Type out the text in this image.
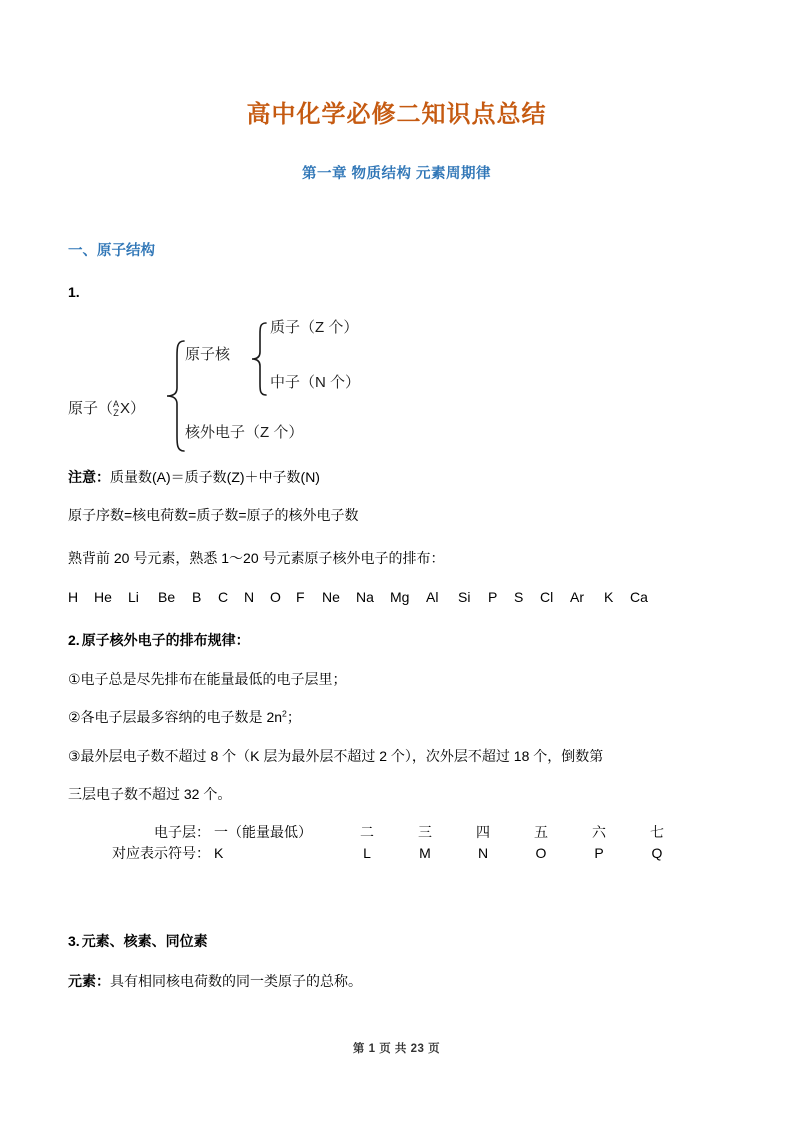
高中化学必修二知识点总结
第一章 物质结构 元素周期律
一、原子结构
1.
原子（ A
Z X）
原子核
质子（Z 个）
中子（N 个）
核外电子（Z 个）
注意：质量数(A)＝质子数(Z)＋中子数(N)
原子序数=核电荷数=质子数=原子的核外电子数
熟背前 20 号元素，熟悉 1～20 号元素原子核外电子的排布：
H He Li Be B C N O F Ne Na Mg Al Si P S Cl Ar K Ca
2. 原子核外电子的排布规律：
①电子总是尽先排布在能量最低的电子层里；
②各电子层最多容纳的电子数是 $2n^2$；
③最外层电子数不超过 8 个（K 层为最外层不超过 2 个），次外层不超过 18 个，倒数第
三层电子数不超过 32 个。
电子层： 一（能量最低）	二	三	四	五	六	七
对应表示符号： K	L	M	N	O	P	Q
3. 元素、核素、同位素
元素：具有相同核电荷数的同一类原子的总称。
第 1 页 共 23 页
